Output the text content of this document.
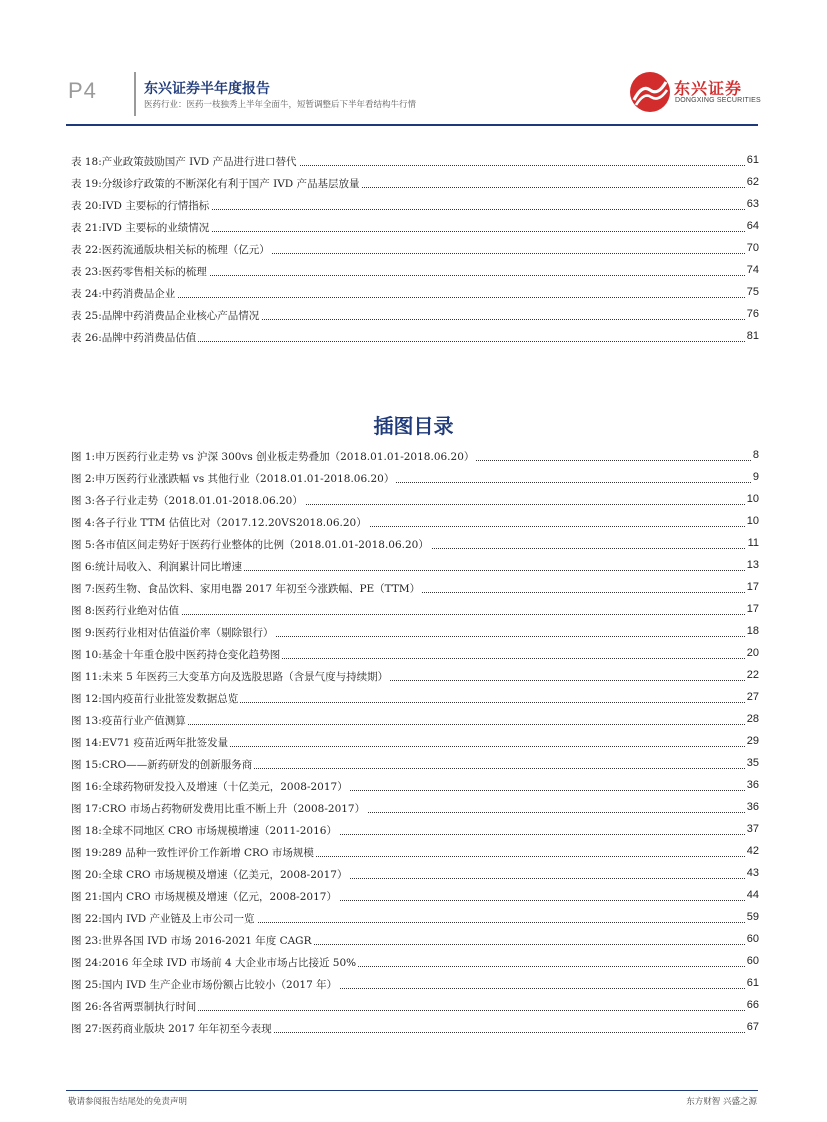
P4	东兴证券半年度报告
医药行业：医药一枝独秀上半年全面牛，短暂调整后下半年看结构牛行情
东兴证券
DONGXING SECURITIES
表 18:产业政策鼓励国产 IVD 产品进行进口替代	61
表 19:分级诊疗政策的不断深化有利于国产 IVD 产品基层放量	62
表 20:IVD 主要标的行情指标	63
表 21:IVD 主要标的业绩情况	64
表 22:医药流通版块相关标的梳理（亿元）	70
表 23:医药零售相关标的梳理	74
表 24:中药消费品企业	75
表 25:品牌中药消费品企业核心产品情况	76
表 26:品牌中药消费品估值	81
插图目录
图 1:申万医药行业走势 vs 沪深 300vs 创业板走势叠加（2018.01.01-2018.06.20）	8
图 2:申万医药行业涨跌幅 vs 其他行业（2018.01.01-2018.06.20）	9
图 3:各子行业走势（2018.01.01-2018.06.20）	10
图 4:各子行业 TTM 估值比对（2017.12.20VS2018.06.20）	10
图 5:各市值区间走势好于医药行业整体的比例（2018.01.01-2018.06.20）	11
图 6:统计局收入、利润累计同比增速	13
图 7:医药生物、食品饮料、家用电器 2017 年初至今涨跌幅、PE（TTM）	17
图 8:医药行业绝对估值	17
图 9:医药行业相对估值溢价率（剔除银行）	18
图 10:基金十年重仓股中医药持仓变化趋势图	20
图 11:未来 5 年医药三大变革方向及选股思路（含景气度与持续期）	22
图 12:国内疫苗行业批签发数据总览	27
图 13:疫苗行业产值测算	28
图 14:EV71 疫苗近两年批签发量	29
图 15:CRO——新药研发的创新服务商	35
图 16:全球药物研发投入及增速（十亿美元，2008-2017）	36
图 17:CRO 市场占药物研发费用比重不断上升（2008-2017）	36
图 18:全球不同地区 CRO 市场规模增速（2011-2016）	37
图 19:289 品种一致性评价工作新增 CRO 市场规模	42
图 20:全球 CRO 市场规模及增速（亿美元，2008-2017）	43
图 21:国内 CRO 市场规模及增速（亿元，2008-2017）	44
图 22:国内 IVD 产业链及上市公司一览	59
图 23:世界各国 IVD 市场 2016-2021 年度 CAGR	60
图 24:2016 年全球 IVD 市场前 4 大企业市场占比接近 50%	60
图 25:国内 IVD 生产企业市场份额占比较小（2017 年）	61
图 26:各省两票制执行时间	66
图 27:医药商业版块 2017 年年初至今表现	67
敬请参阅报告结尾处的免责声明	东方财智 兴盛之源
